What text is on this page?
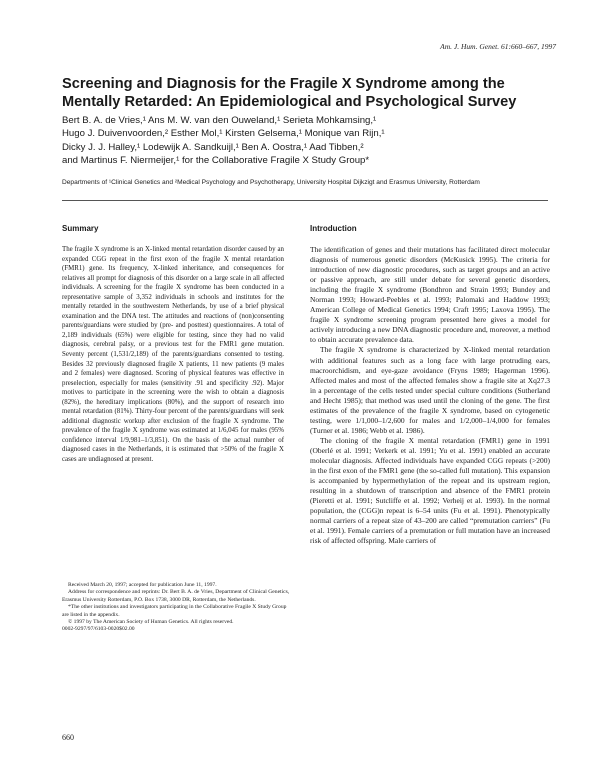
Am. J. Hum. Genet. 61:660–667, 1997
Screening and Diagnosis for the Fragile X Syndrome among the Mentally Retarded: An Epidemiological and Psychological Survey
Bert B. A. de Vries,¹ Ans M. W. van den Ouweland,¹ Serieta Mohkamsing,¹
Hugo J. Duivenvoorden,² Esther Mol,¹ Kirsten Gelsema,¹ Monique van Rijn,¹
Dicky J. J. Halley,¹ Lodewijk A. Sandkuijl,¹ Ben A. Oostra,¹ Aad Tibben,²
and Martinus F. Niermeijer,¹ for the Collaborative Fragile X Study Group*
Departments of ¹Clinical Genetics and ²Medical Psychology and Psychotherapy, University Hospital Dijkzigt and Erasmus University, Rotterdam
Summary

The fragile X syndrome is an X-linked mental retardation disorder caused by an expanded CGG repeat in the first exon of the fragile X mental retardation (FMR1) gene. Its frequency, X-linked inheritance, and consequences for relatives all prompt for diagnosis of this disorder on a large scale in all affected individuals. A screening for the fragile X syndrome has been conducted in a representative sample of 3,352 individuals in schools and institutes for the mentally retarded in the southwestern Netherlands, by use of a brief physical examination and the DNA test. The attitudes and reactions of (non)consenting parents/guardians were studied by (pre- and posttest) questionnaires. A total of 2,189 individuals (65%) were eligible for testing, since they had no valid diagnosis, cerebral palsy, or a previous test for the FMR1 gene mutation. Seventy percent (1,531/2,189) of the parents/guardians consented to testing. Besides 32 previously diagnosed fragile X patients, 11 new patients (9 males and 2 females) were diagnosed. Scoring of physical features was effective in preselection, especially for males (sensitivity .91 and specificity .92). Major motives to participate in the screening were the wish to obtain a diagnosis (82%), the hereditary implications (80%), and the support of research into mental retardation (81%). Thirty-four percent of the parents/guardians will seek additional diagnostic workup after exclusion of the fragile X syndrome. The prevalence of the fragile X syndrome was estimated at 1/6,045 for males (95% confidence interval 1/9,981–1/3,851). On the basis of the actual number of diagnosed cases in the Netherlands, it is estimated that >50% of the fragile X cases are undiagnosed at present.

Received March 20, 1997; accepted for publication June 11, 1997.
Address for correspondence and reprints: Dr. Bert B. A. de Vries, Department of Clinical Genetics, Erasmus University Rotterdam, P.O. Box 1738, 3000 DR, Rotterdam, the Netherlands.
*The other institutions and investigators participating in the Collaborative Fragile X Study Group are listed in the appendix.
© 1997 by The American Society of Human Genetics. All rights reserved.
0002-9297/97/6103-0020$02.00
Introduction

The identification of genes and their mutations has facilitated direct molecular diagnosis of numerous genetic disorders (McKusick 1995). The criteria for introduction of new diagnostic procedures, such as target groups and an active or passive approach, are still under debate for several genetic disorders, including the fragile X syndrome (Bondhron and Strain 1993; Bundey and Norman 1993; Howard-Peebles et al. 1993; Palomaki and Haddow 1993; American College of Medical Genetics 1994; Craft 1995; Laxova 1995). The fragile X syndrome screening program presented here gives a model for actively introducing a new DNA diagnostic procedure and, moreover, a method to obtain accurate prevalence data.

The fragile X syndrome is characterized by X-linked mental retardation with additional features such as a long face with large protruding ears, macroorchidism, and eye-gaze avoidance (Fryns 1989; Hagerman 1996). Affected males and most of the affected females show a fragile site at Xq27.3 in a percentage of the cells tested under special culture conditions (Sutherland and Hecht 1985); that method was used until the cloning of the gene. The first estimates of the prevalence of the fragile X syndrome, based on cytogenetic testing, were 1/1,000–1/2,600 for males and 1/2,000–1/4,000 for females (Turner et al. 1986; Webb et al. 1986).

The cloning of the fragile X mental retardation (FMR1) gene in 1991 (Oberlé et al. 1991; Verkerk et al. 1991; Yu et al. 1991) enabled an accurate molecular diagnosis. Affected individuals have expanded CGG repeats (>200) in the first exon of the FMR1 gene (the so-called full mutation). This expansion is accompanied by hypermethylation of the repeat and its upstream region, resulting in a shutdown of transcription and absence of the FMR1 protein (Pieretti et al. 1991; Sutcliffe et al. 1992; Verheij et al. 1993). In the normal population, the (CGG)n repeat is 6–54 units (Fu et al. 1991). Phenotypically normal carriers of a repeat size of 43–200 are called “premutation carriers” (Fu et al. 1991). Female carriers of a premutation or full mutation have an increased risk of affected offspring. Male carriers of

660
